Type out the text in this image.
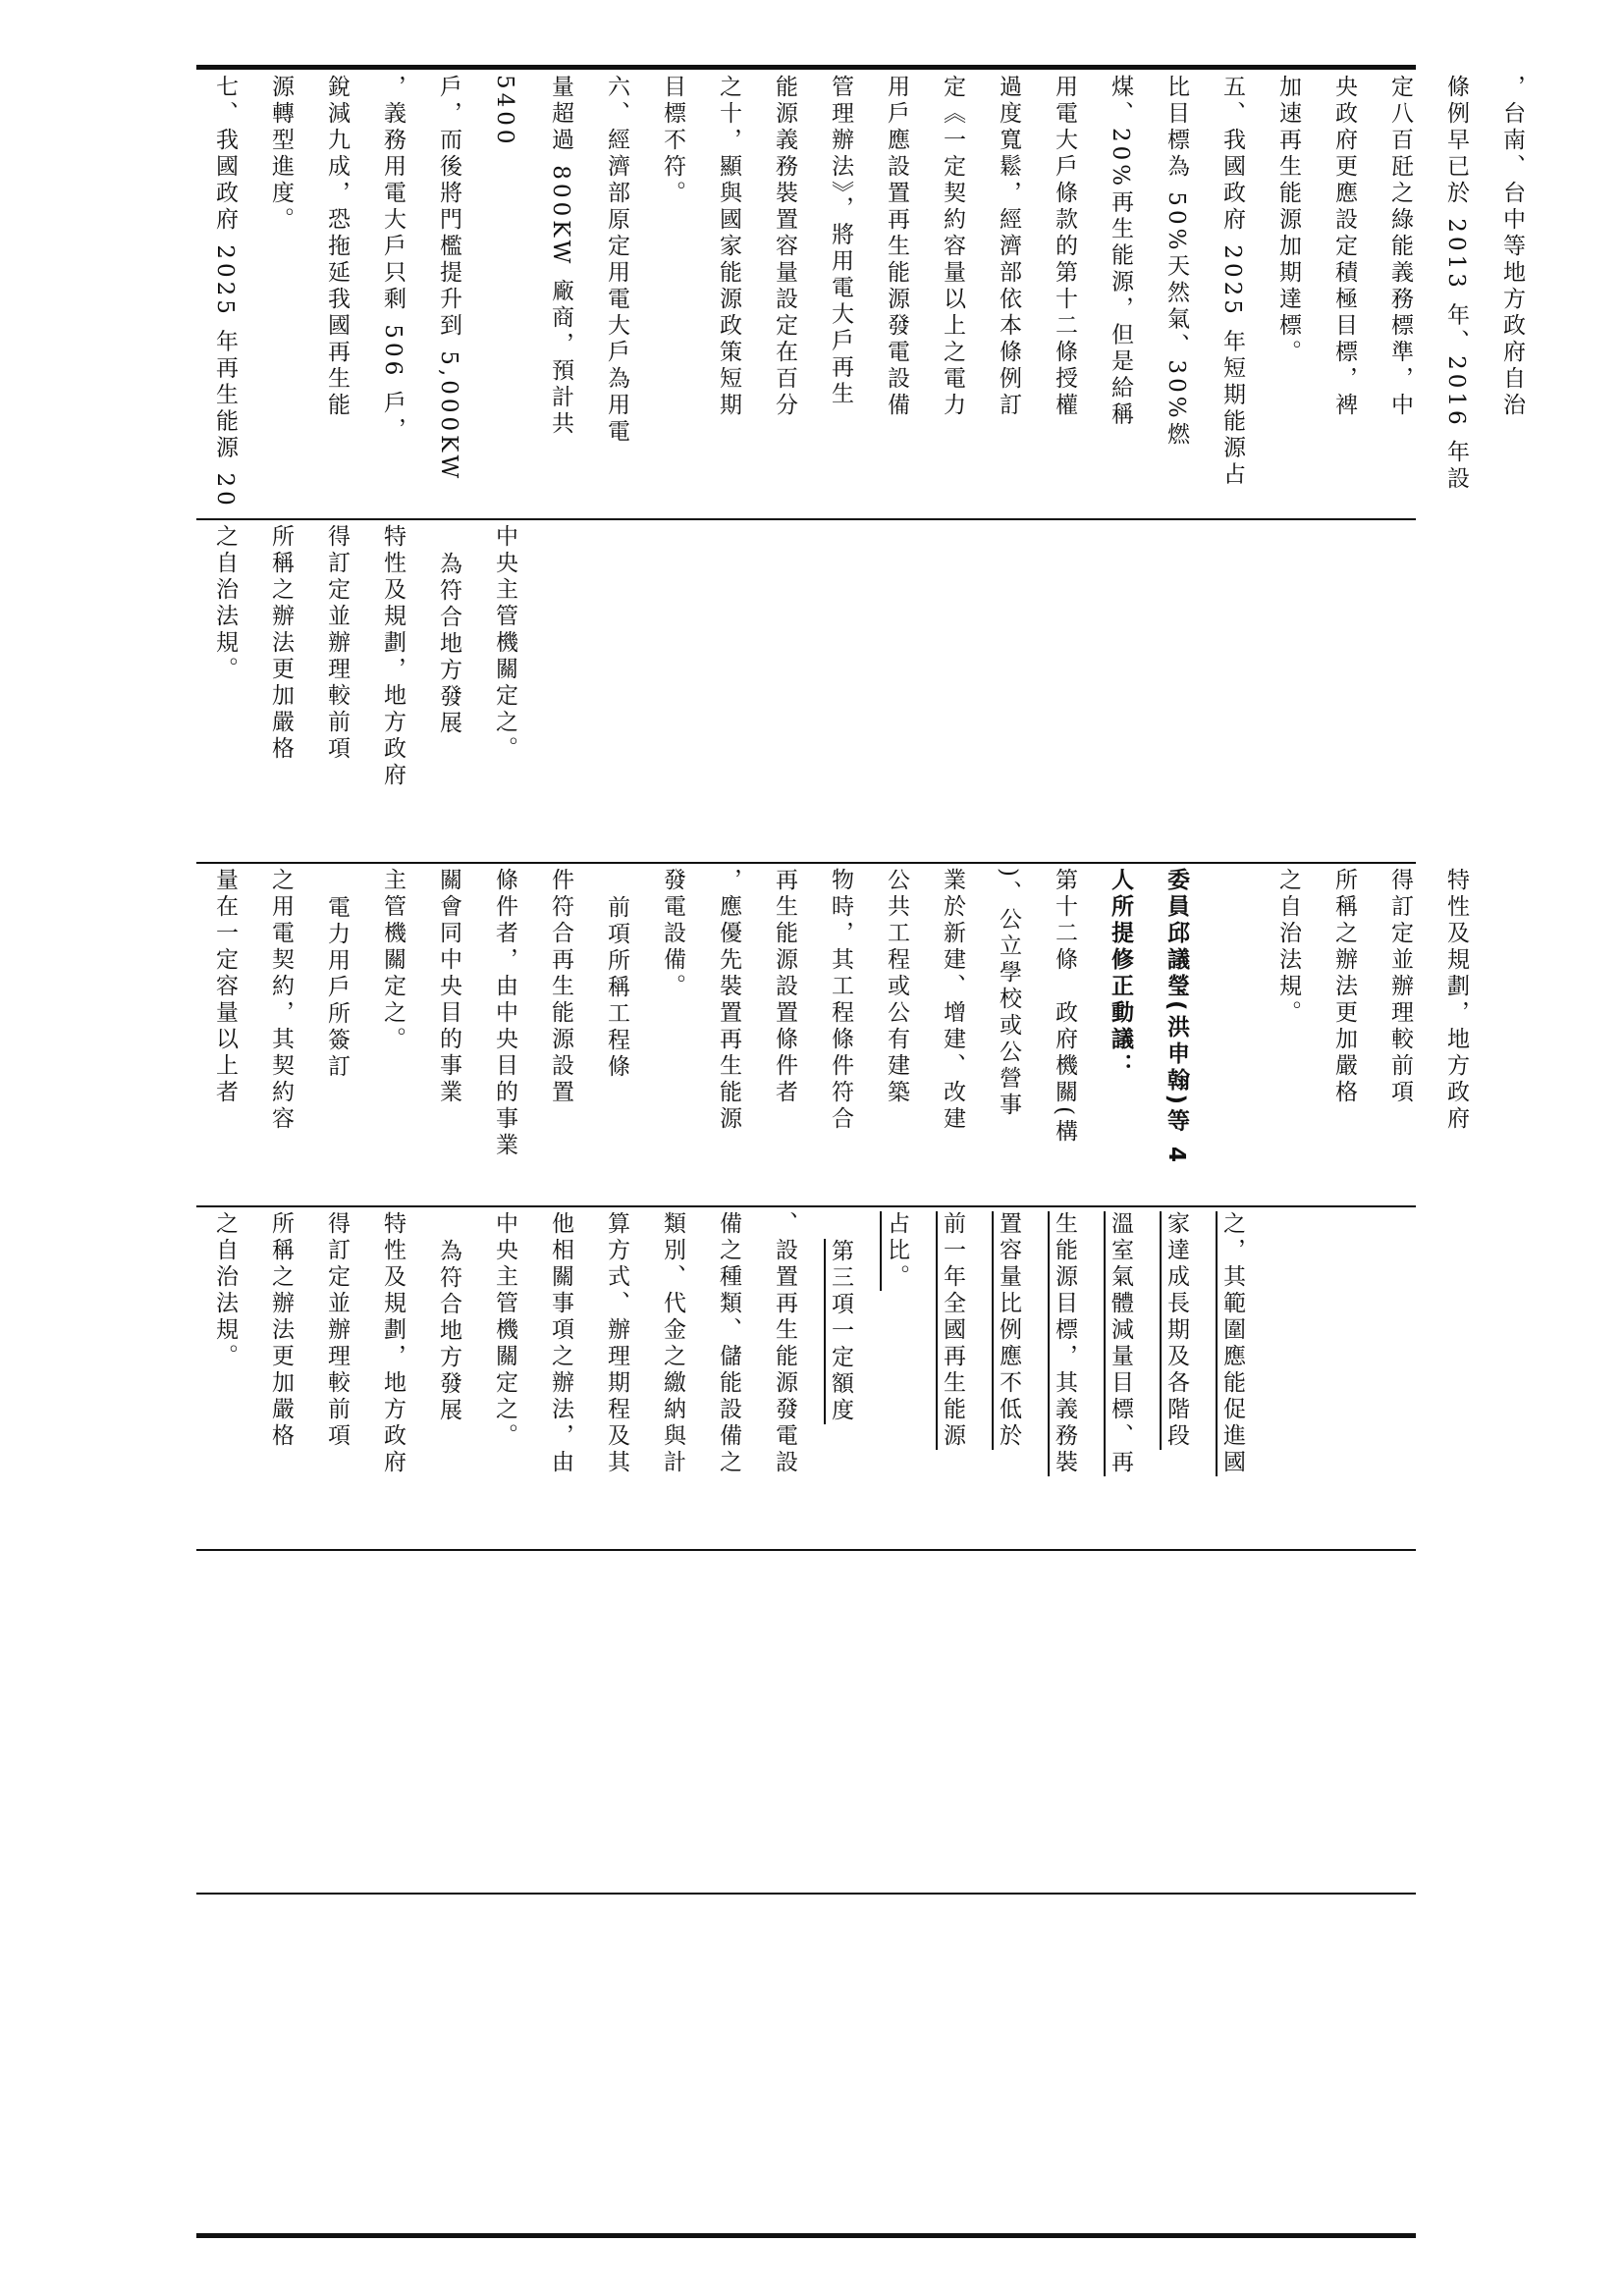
，台南、台中等地方政府自治
條例早已於 2013 年、2016 年設
定八百瓩之綠能義務標準，中
央政府更應設定積極目標，裨
加速再生能源加期達標。
五、我國政府 2025 年短期能源占
比目標為 50%天然氣、30%燃
煤、20%再生能源，但是給稱
用電大戶條款的第十二條授權
過度寬鬆，經濟部依本條例訂
定《一定契約容量以上之電力
用戶應設置再生能源發電設備
管理辦法》，將用電大戶再生
能源義務裝置容量設定在百分
之十，顯與國家能源政策短期
目標不符。
六、經濟部原定用電大戶為用電
量超過 800KW 廠商，預計共 5400
戶，而後將門檻提升到 5,000KW
，義務用電大戶只剩 506 戶，
銳減九成，恐拖延我國再生能
源轉型進度。
七、我國政府 2025 年再生能源 20
中央主管機關定之。
為符合地方發展
特性及規劃，地方政府
得訂定並辦理較前項
所稱之辦法更加嚴格
之自治法規。
特性及規劃，地方政府
得訂定並辦理較前項
所稱之辦法更加嚴格
之自治法規。

委員邱議瑩(洪申翰)等 4
人所提修正動議：
第十二條　政府機關(構
)、公立學校或公營事
業於新建、增建、改建
公共工程或公有建築
物時，其工程條件符合
再生能源設置條件者
，應優先裝置再生能源
發電設備。
前項所稱工程條
件符合再生能源設置
條件者，由中央目的事業
關會同中央目的事業
主管機關定之。
電力用戶所簽訂
之用電契約，其契約容
量在一定容量以上者
之，其範圍應能促進國
家達成長期及各階段
溫室氣體減量目標、再
生能源目標，其義務裝
置容量比例應不低於
前一年全國再生能源
占比。
第三項一定額度
、設置再生能源發電設
備之種類、儲能設備之
類別、代金之繳納與計
算方式、辦理期程及其
他相關事項之辦法，由
中央主管機關定之。
為符合地方發展
特性及規劃，地方政府
得訂定並辦理較前項
所稱之辦法更加嚴格
之自治法規。
